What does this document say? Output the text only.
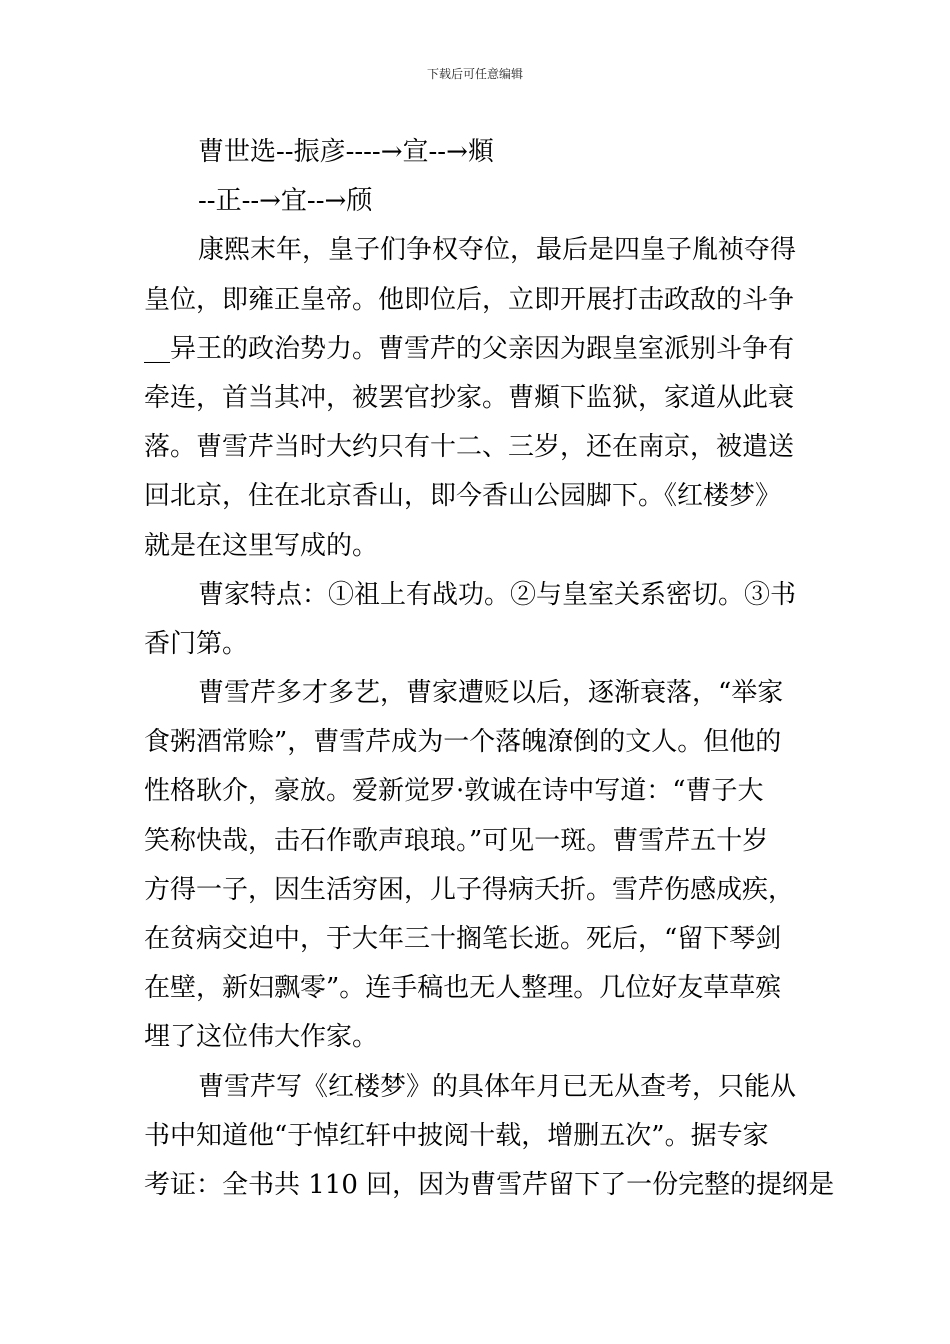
下载后可任意编辑
曹世选--振彦----→宣--→頫
--正--→宜--→颀
康熙末年，皇子们争权夺位，最后是四皇子胤祯夺得
皇位，即雍正皇帝。他即位后，立即开展打击政敌的斗争
__异王的政治势力。曹雪芹的父亲因为跟皇室派别斗争有
牵连，首当其冲，被罢官抄家。曹頫下监狱，家道从此衰
落。曹雪芹当时大约只有十二、三岁，还在南京，被遣送
回北京，住在北京香山，即今香山公园脚下。《红楼梦》
就是在这里写成的。
曹家特点：①祖上有战功。②与皇室关系密切。③书
香门第。
曹雪芹多才多艺，曹家遭贬以后，逐渐衰落，“举家
食粥酒常赊”，曹雪芹成为一个落魄潦倒的文人。但他的
性格耿介，豪放。爱新觉罗·敦诚在诗中写道：“曹子大
笑称快哉，击石作歌声琅琅。”可见一斑。曹雪芹五十岁
方得一子，因生活穷困，儿子得病夭折。雪芹伤感成疾，
在贫病交迫中，于大年三十搁笔长逝。死后，“留下琴剑
在壁，新妇飘零”。连手稿也无人整理。几位好友草草殡
埋了这位伟大作家。
曹雪芹写《红楼梦》的具体年月已无从查考，只能从
书中知道他“于悼红轩中披阅十载，增删五次”。据专家
考证：全书共 110 回，因为曹雪芹留下了一份完整的提纲是
